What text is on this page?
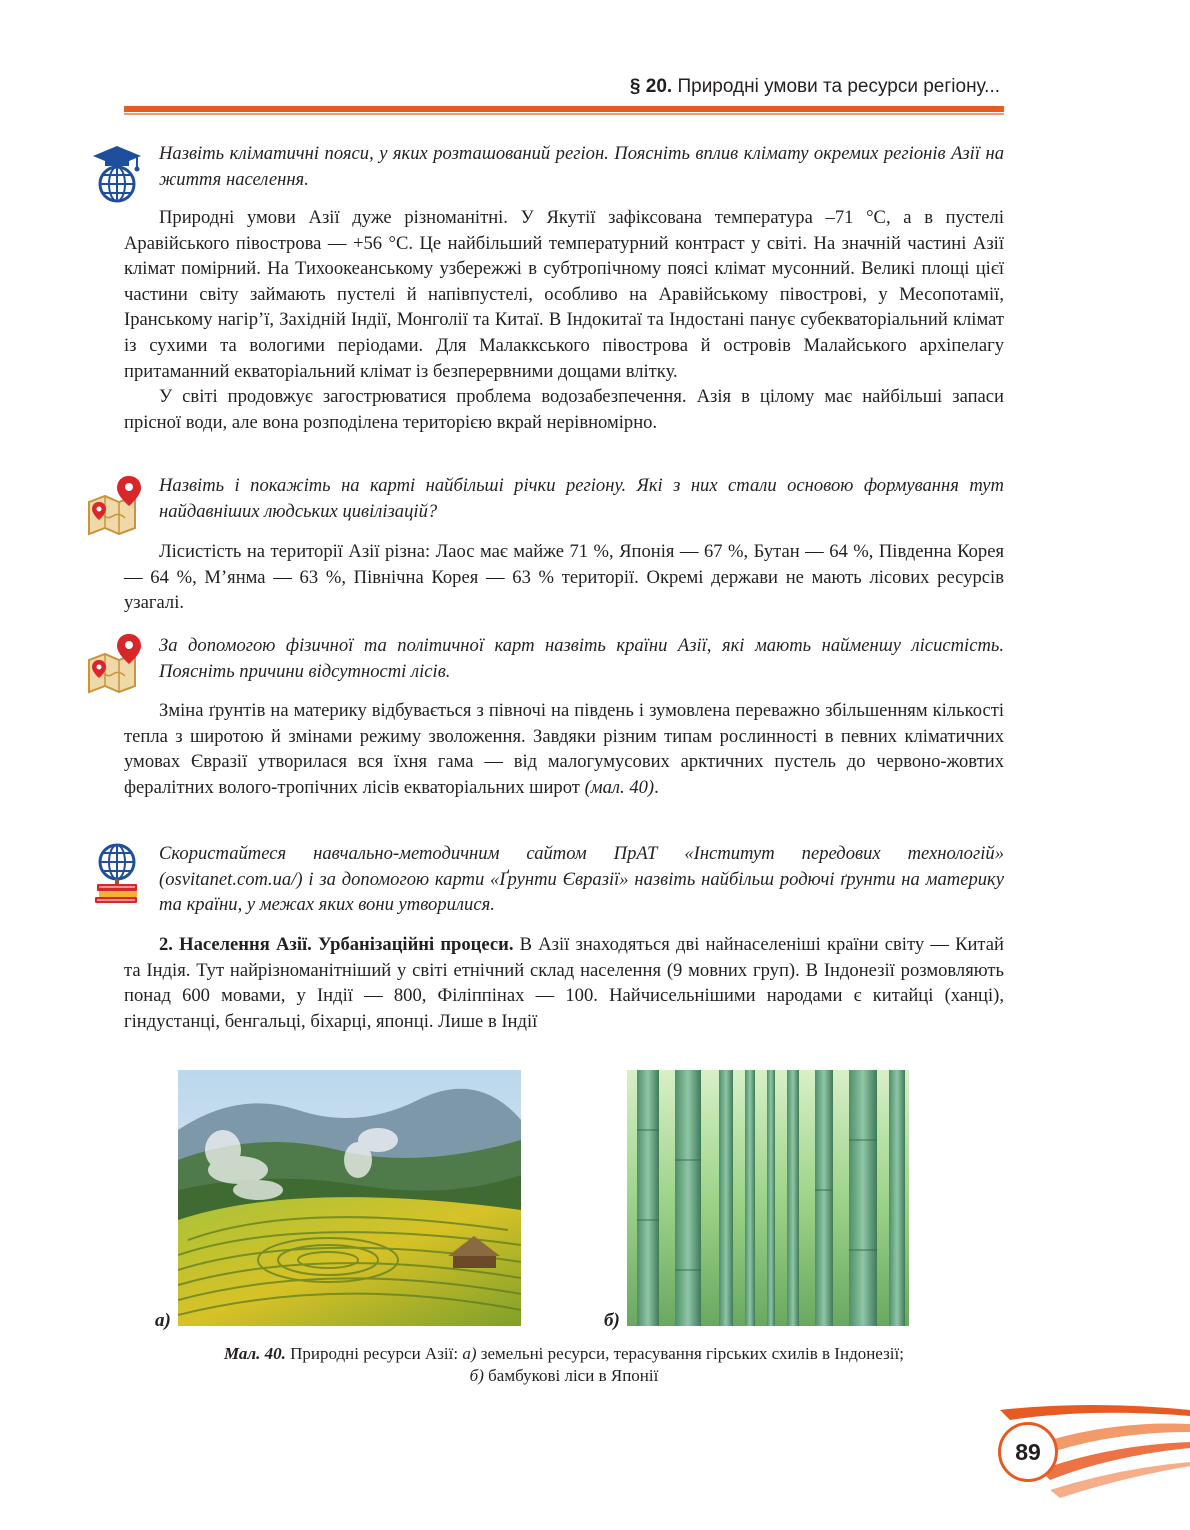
§ 20. Природні умови та ресурси регіону...
Назвіть кліматичні пояси, у яких розташований регіон. Поясніть вплив клімату окремих регіонів Азії на життя населення.

Природні умови Азії дуже різноманітні. У Якутії зафіксована температура –71 °С, а в пустелі Аравійського півострова — +56 °С. Це найбільший температурний контраст у світі. На значній частині Азії клімат помірний. На Тихоокеанському узбережжі в субтропічному поясі клімат мусонний. Великі площі цієї частини світу займають пустелі й напівпустелі, особливо на Аравійському півострові, у Месопотамії, Іранському нагір’ї, Західній Індії, Монголії та Китаї. В Індокитаї та Індостані панує субекваторіальний клімат із сухими та вологими періодами. Для Малаккського півострова й островів Малайського архіпелагу притаманний екваторіальний клімат із безперервними дощами влітку.

У світі продовжує загострюватися проблема водозабезпечення. Азія в цілому має найбільші запаси прісної води, але вона розподілена територією вкрай нерівномірно.

Назвіть і покажіть на карті найбільші річки регіону. Які з них стали основою формування тут найдавніших людських цивілізацій?

Лісистість на території Азії різна: Лаос має майже 71 %, Японія — 67 %, Бутан — 64 %, Південна Корея — 64 %, М’янма — 63 %, Північна Корея — 63 % території. Окремі держави не мають лісових ресурсів узагалі.

За допомогою фізичної та політичної карт назвіть країни Азії, які мають найменшу лісистість. Поясніть причини відсутності лісів.

Зміна ґрунтів на материку відбувається з півночі на південь і зумовлена переважно збільшенням кількості тепла з широтою й змінами режиму зволоження. Завдяки різним типам рослинності в певних кліматичних умовах Євразії утворилася вся їхня гама — від малогумусових арктичних пустель до червоно-жовтих фералітних волого-тропічних лісів екваторіальних широт (мал. 40).

Скористайтеся навчально-методичним сайтом ПрАТ «Інститут передових технологій» (osvitanet.com.ua/) і за допомогою карти «Ґрунти Євразії» назвіть найбільш родючі ґрунти на материку та країни, у межах яких вони утворилися.

2. Населення Азії. Урбанізаційні процеси. В Азії знаходяться дві найнаселеніші країни світу — Китай та Індія. Тут найрізноманітніший у світі етнічний склад населення (9 мовних груп). В Індонезії розмовляють понад 600 мовами, у Індії — 800, Філіппінах — 100. Найчисельнішими народами є китайці (ханці), гіндустанці, бенгальці, біхарці, японці. Лише в Індії

а)	б)
Мал. 40. Природні ресурси Азії: а) земельні ресурси, терасування гірських схилів в Індонезії;
б) бамбукові ліси в Японії
89
